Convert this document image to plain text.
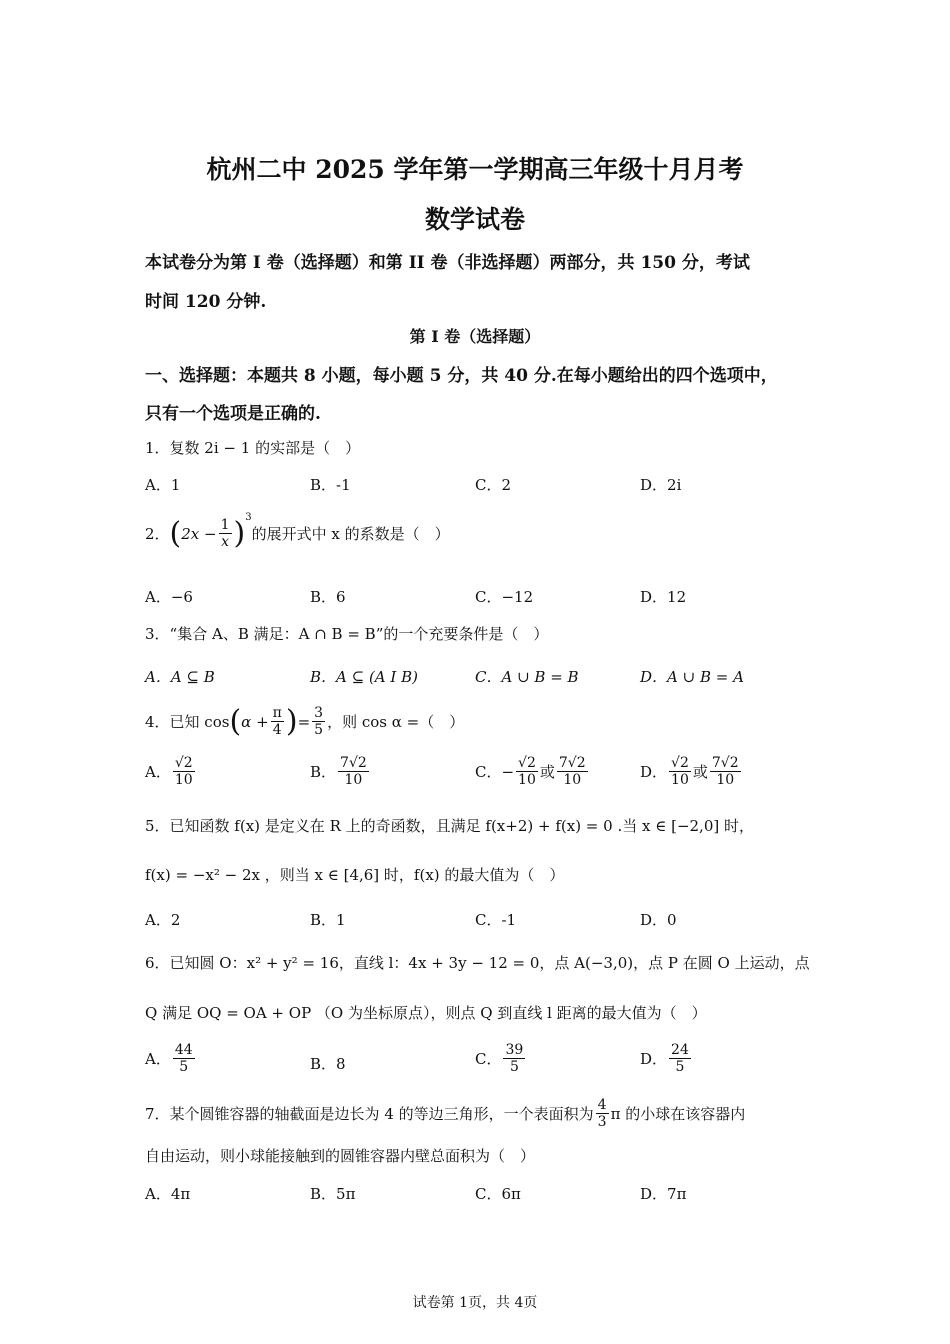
杭州二中 2025 学年第一学期高三年级十月月考
数学试卷
本试卷分为第 I 卷（选择题）和第 II 卷（非选择题）两部分，共 150 分，考试
时间 120 分钟.
第 I 卷（选择题）
一、选择题：本题共 8 小题，每小题 5 分，共 40 分.在每小题给出的四个选项中，
只有一个选项是正确的.
1．复数 2i − 1 的实部是（　）
A．1	B．-1	C．2	D．2i
2． ( $2x - \frac{1}{x}$ ) 3
的展开式中 x 的系数是（　）
A．−6	B．6	C．−12	D．12
3．“集合 A、B 满足：A ∩ B = B”的一个充要条件是（　）
A．A ⊆ B	B．A ⊆ (A I B)	C．A ∪ B = B	D．A ∪ B = A
4．已知 cos ( $\alpha + \frac{\pi}{4}$ ) = $\frac{3}{5}$ ，则 cos α =（　）
A． $\frac{√2}{10}$	B． $\frac{7√2}{10}$	C．− $\frac{√2}{10}$ 或 $\frac{7√2}{10}$	D． $\frac{√2}{10}$ 或 $\frac{7√2}{10}$
5．已知函数 f(x) 是定义在 R 上的奇函数，且满足 f(x+2) + f(x) = 0 .当 x ∈ [−2,0] 时，
f(x) = −x² − 2x ，则当 x ∈ [4,6] 时，f(x) 的最大值为（　）
A．2	B．1	C．-1	D．0
6．已知圆 O：x² + y² = 16，直线 l：4x + 3y − 12 = 0，点 A(−3,0)，点 P 在圆 O 上运动，点
Q 满足 OQ = OA + OP （O 为坐标原点），则点 Q 到直线 l 距离的最大值为（　）
A． $\frac{44}{5}$	B．8	C． $\frac{39}{5}$	D． $\frac{24}{5}$
7．某个圆锥容器的轴截面是边长为 4 的等边三角形，一个表面积为 $\frac{4}{3}$ π 的小球在该容器内
自由运动，则小球能接触到的圆锥容器内壁总面积为（　）
A．4π	B．5π	C．6π	D．7π
试卷第 1页，共 4页
